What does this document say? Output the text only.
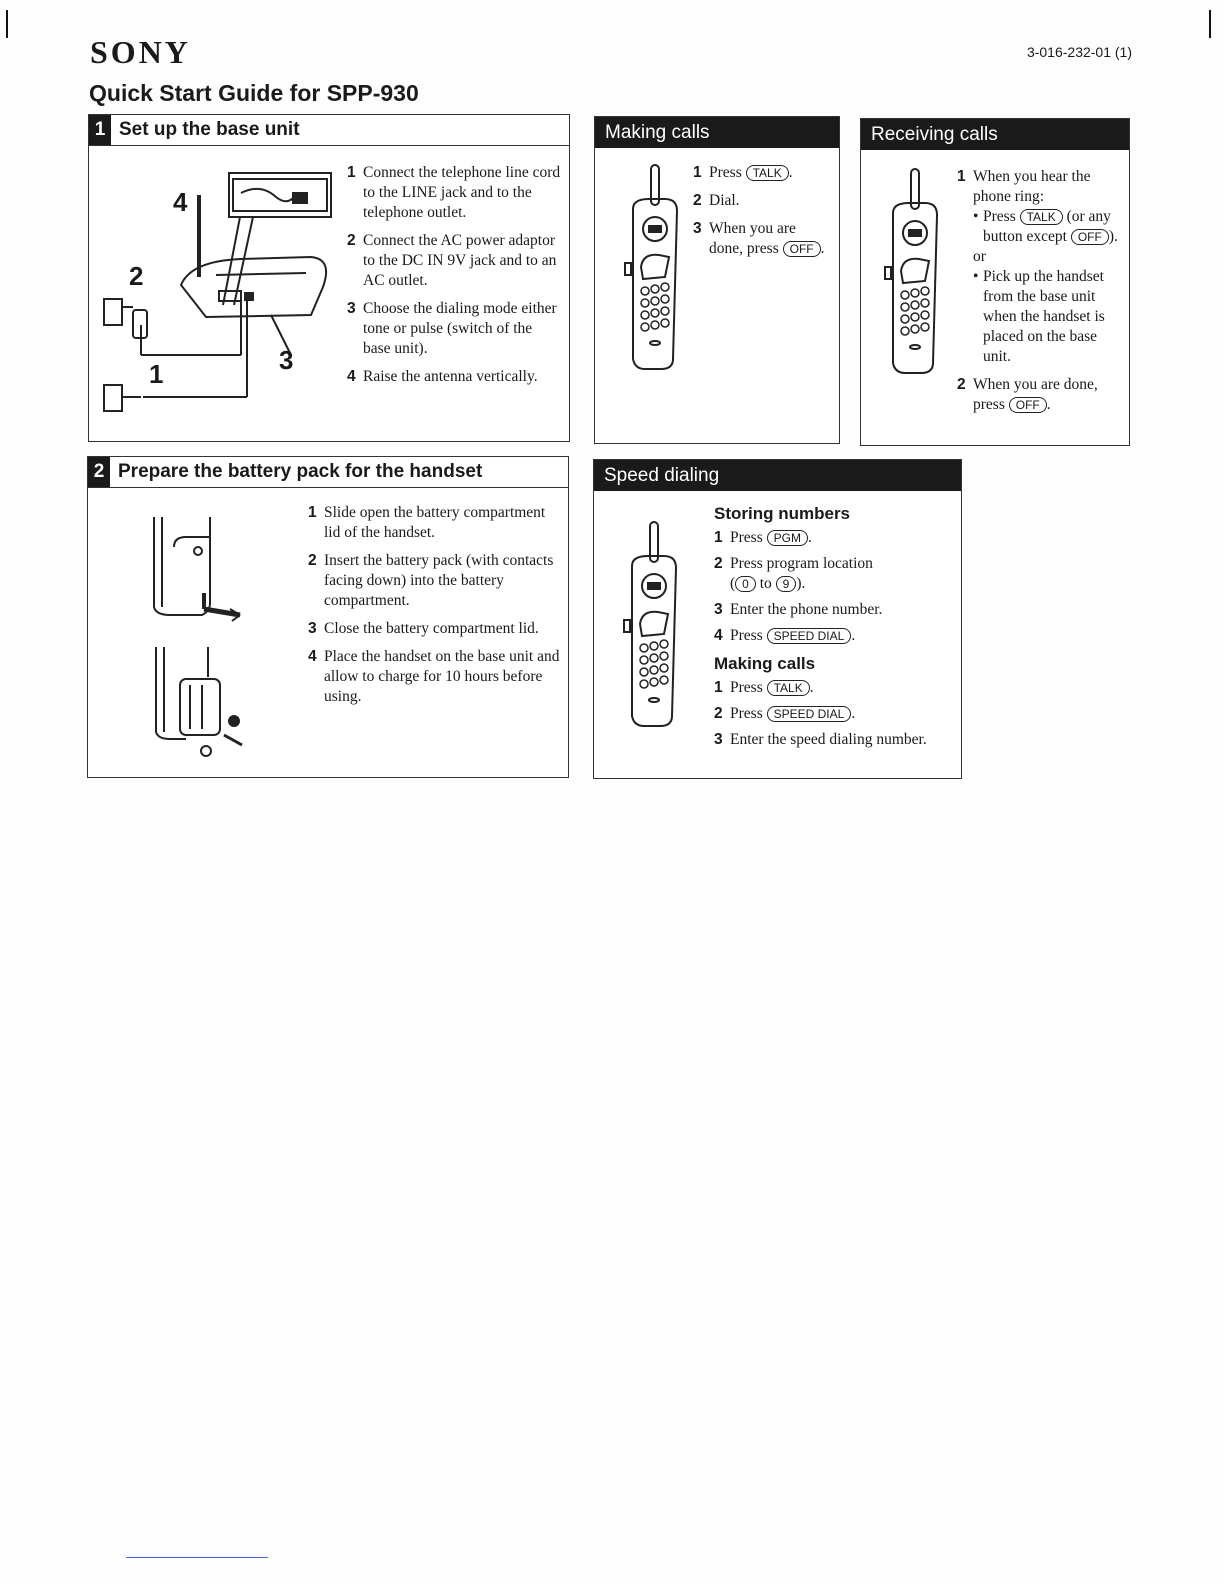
SONY	3-016-232-01 (1)
Quick Start Guide for SPP-930
1 Set up the base unit
4
2
1	3
1 Connect the telephone line cord to the LINE jack and to the telephone outlet.
2 Connect the AC power adaptor to the DC IN 9V jack and to an AC outlet.
3 Choose the dialing mode either tone or pulse (switch of the base unit).
4 Raise the antenna vertically.
2 Prepare the battery pack for the handset
1 Slide open the battery compartment lid of the handset.
2 Insert the battery pack (with contacts facing down) into the battery compartment.
3 Close the battery compartment lid.
4 Place the handset on the base unit and allow to charge for 10 hours before using.
Making calls
1 Press TALK .
2 Dial.
3 When you are done, press OFF .
Receiving calls
1 When you hear the phone ring:
• Press TALK (or any button except OFF ).
or
• Pick up the handset from the base unit when the handset is placed on the base unit.
2 When you are done, press OFF .
Speed dialing
Storing numbers
1 Press PGM .
2 Press program location
( 0 to 9 ).
3 Enter the phone number.
4 Press SPEED DIAL .
Making calls
1 Press TALK .
2 Press SPEED DIAL .
3 Enter the speed dialing number.
